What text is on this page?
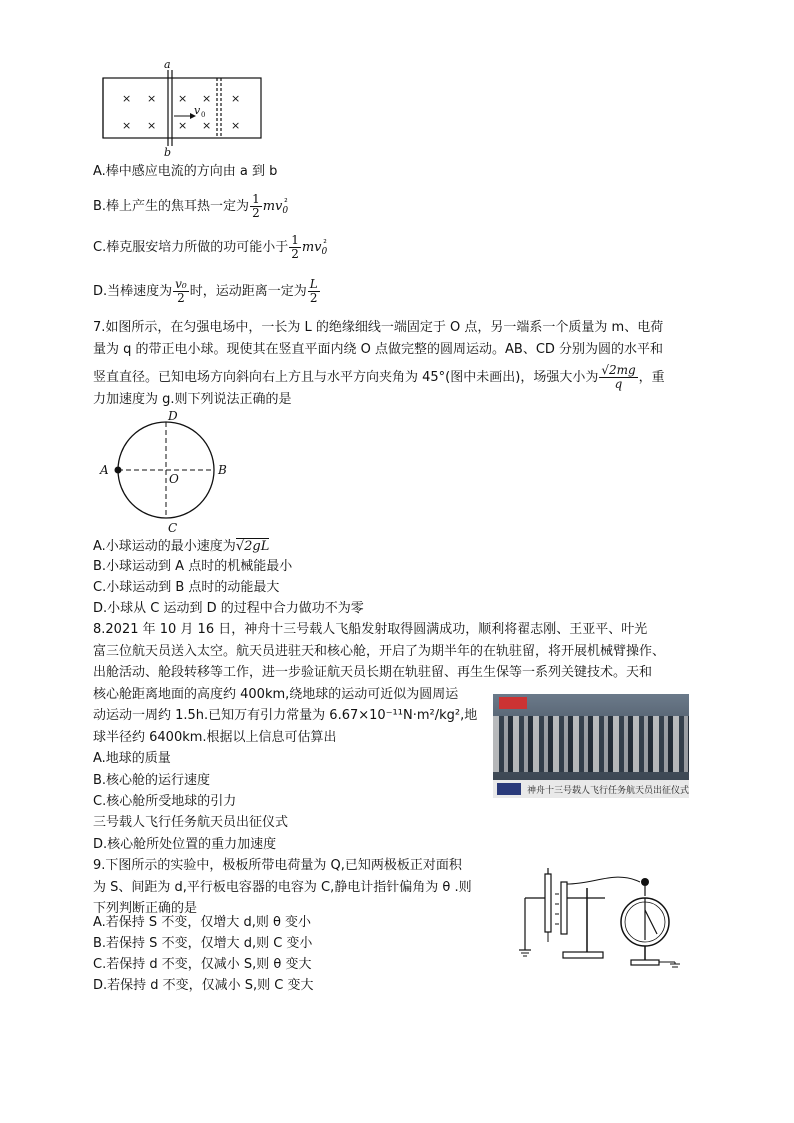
× × × × ×
× × × × ×
a
b
v 0
A.棒中感应电流的方向由 a 到 b
B.棒上产生的焦耳热一定为 $\frac{1}{2} mv_0^{^2}$
C.棒克服安培力所做的功可能小于 $\frac{1}{2} mv_0^{^2}$
D.当棒速度为 $\frac{\text{v₀}}{2}$ 时，运动距离一定为 $\frac{L}{2}$
7.如图所示，在匀强电场中，一长为 L 的绝缘细线一端固定于 O 点，另一端系一个质量为 m、电荷
量为 q 的带正电小球。现使其在竖直平面内绕 O 点做完整的圆周运动。AB、CD 分别为圆的水平和
竖直直径。已知电场方向斜向右上方且与水平方向夹角为 45°(图中未画出)，场强大小为 $\frac{√2mg}{q}$ ，重
力加速度为 g.则下列说法正确的是
A	B
D
C
O
A.小球运动的最小速度为√2gL
B.小球运动到 A 点时的机械能最小
C.小球运动到 B 点时的动能最大
D.小球从 C 运动到 D 的过程中合力做功不为零
8.2021 年 10 月 16 日，神舟十三号载人飞船发射取得圆满成功，顺利将翟志刚、王亚平、叶光
富三位航天员送入太空。航天员进驻天和核心舱，开启了为期半年的在轨驻留，将开展机械臂操作、
出舱活动、舱段转移等工作，进一步验证航天员长期在轨驻留、再生生保等一系列关键技术。天和
核心舱距离地面的高度约 400km,绕地球的运动可近似为圆周运
动运动一周约 1.5h.已知万有引力常量为 6.67×10⁻¹¹N·m²/kg²,地
球半径约 6400km.根据以上信息可估算出
A.地球的质量
B.核心舱的运行速度
C.核心舱所受地球的引力
三号载人飞行任务航天员出征仪式
D.核心舱所处位置的重力加速度
神舟十三号载人飞行任务航天员出征仪式
9.下图所示的实验中，极板所带电荷量为 Q,已知两极板正对面积
为 S、间距为 d,平行板电容器的电容为 C,静电计指针偏角为 θ .则
下列判断正确的是
A.若保持 S 不变，仅增大 d,则 θ 变小
B.若保持 S 不变，仅增大 d,则 C 变小
C.若保持 d 不变，仅减小 S,则 θ 变大
D.若保持 d 不变，仅减小 S,则 C 变大
